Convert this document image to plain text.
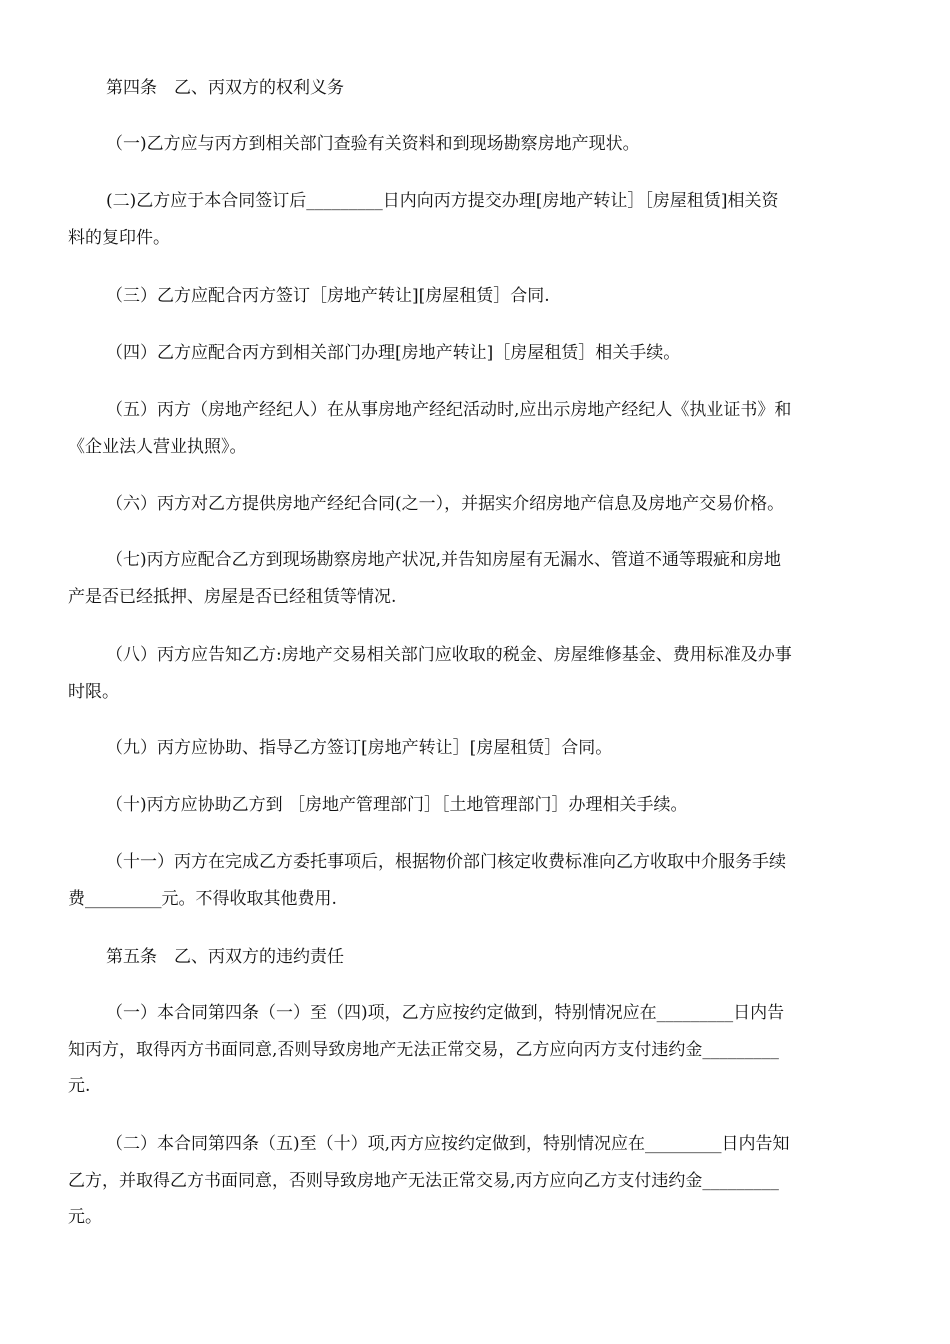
第四条　乙、丙双方的权利义务
（一)乙方应与丙方到相关部门查验有关资料和到现场勘察房地产现状。
(二)乙方应于本合同签订后_________日内向丙方提交办理[房地产转让］［房屋租赁]相关资
料的复印件。
（三）乙方应配合丙方签订［房地产转让][房屋租赁］合同.
（四）乙方应配合丙方到相关部门办理[房地产转让]［房屋租赁］相关手续。
（五）丙方（房地产经纪人）在从事房地产经纪活动时,应出示房地产经纪人《执业证书》和
《企业法人营业执照》。
（六）丙方对乙方提供房地产经纪合同(之一），并据实介绍房地产信息及房地产交易价格。
（七)丙方应配合乙方到现场勘察房地产状况,并告知房屋有无漏水、管道不通等瑕疵和房地
产是否已经抵押、房屋是否已经租赁等情况.
（八）丙方应告知乙方:房地产交易相关部门应收取的税金、房屋维修基金、费用标准及办事
时限。
（九）丙方应协助、指导乙方签订[房地产转让］[房屋租赁］合同。
（十)丙方应协助乙方到 ［房地产管理部门］［土地管理部门］办理相关手续。
（十一）丙方在完成乙方委托事项后，根据物价部门核定收费标准向乙方收取中介服务手续
费_________元。不得收取其他费用.
第五条　乙、丙双方的违约责任
（一）本合同第四条（一）至（四)项，乙方应按约定做到，特别情况应在_________日内告
知丙方，取得丙方书面同意,否则导致房地产无法正常交易，乙方应向丙方支付违约金_________
元.
（二）本合同第四条（五)至（十）项,丙方应按约定做到，特别情况应在_________日内告知
乙方，并取得乙方书面同意，否则导致房地产无法正常交易,丙方应向乙方支付违约金_________
元。
